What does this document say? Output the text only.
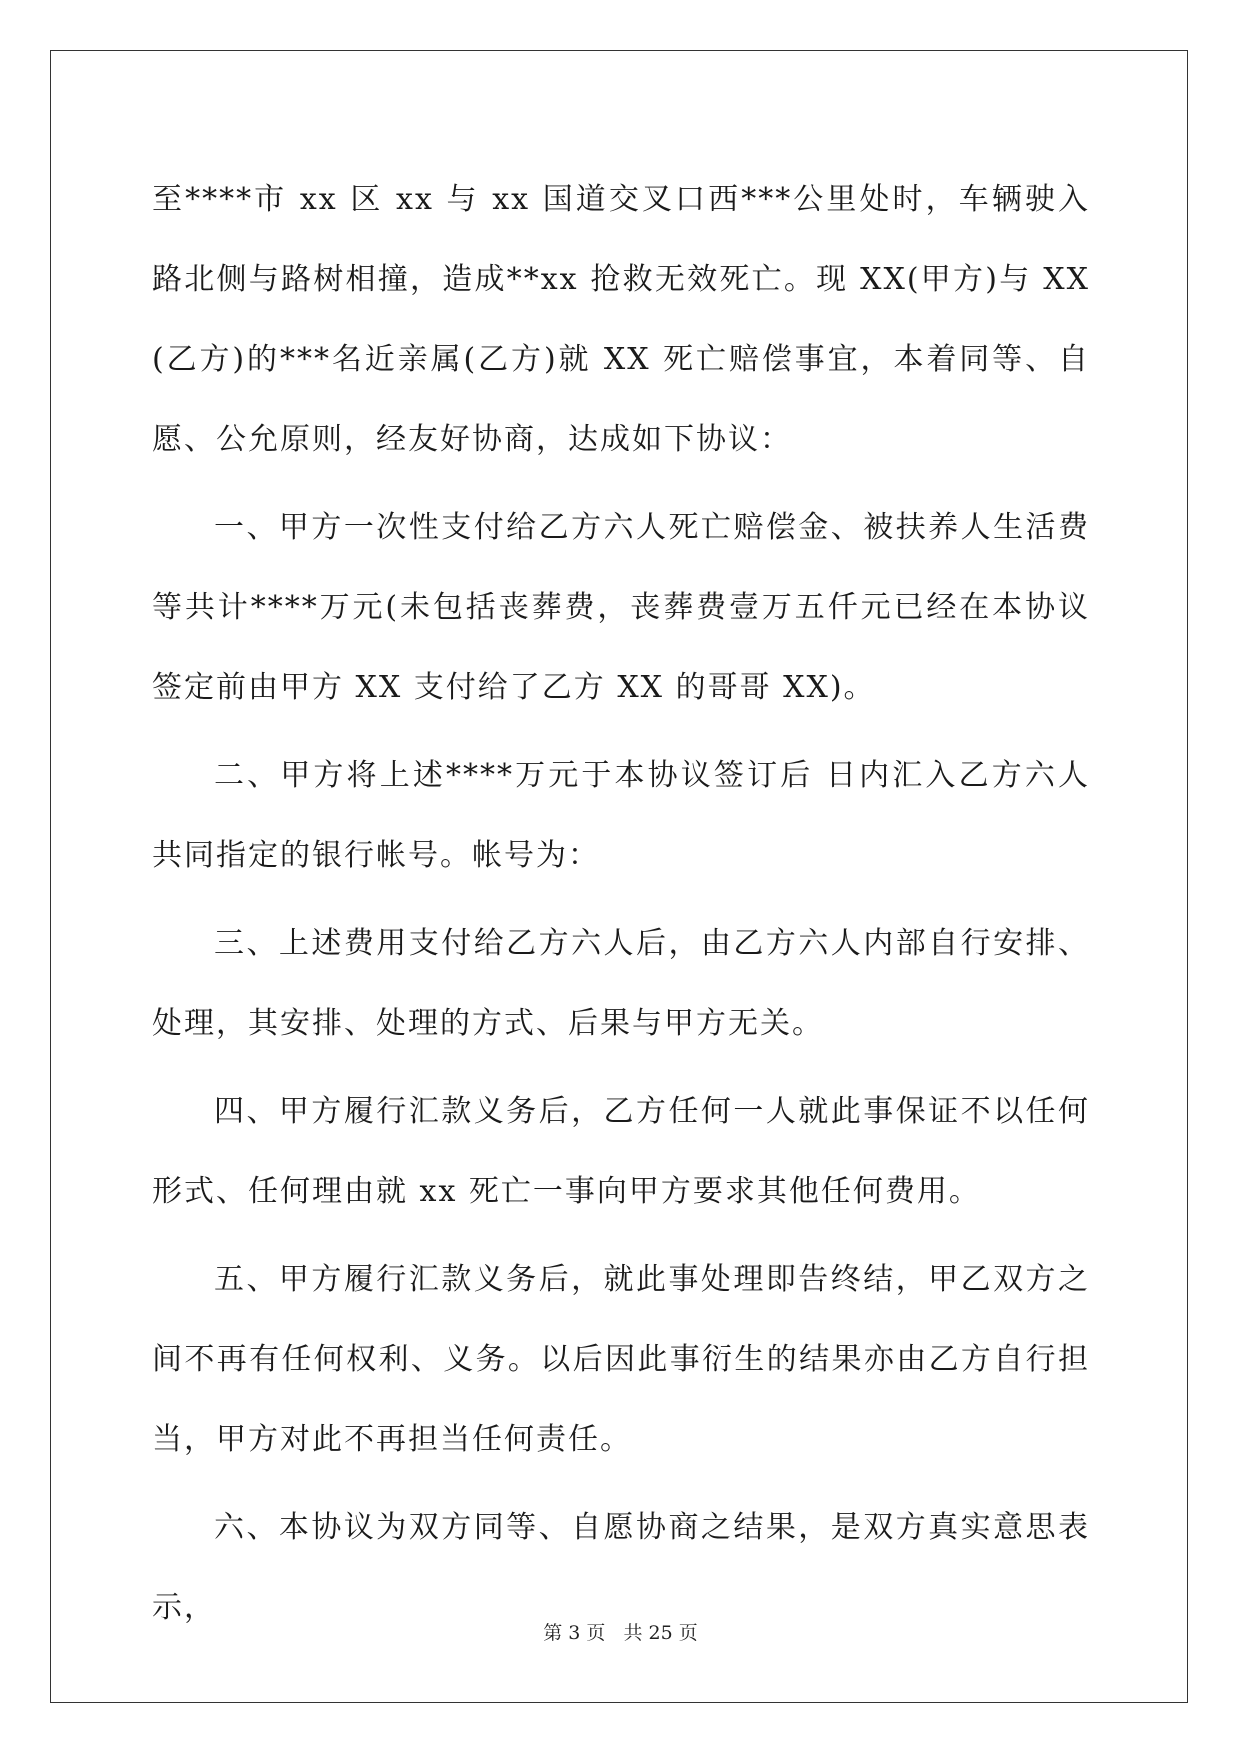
至****市 xx 区 xx 与 xx 国道交叉口西***公里处时，车辆驶入路北侧与路树相撞，造成**xx 抢救无效死亡。现 XX(甲方)与 XX(乙方)的***名近亲属(乙方)就 XX 死亡赔偿事宜，本着同等、自愿、公允原则，经友好协商，达成如下协议：

一、甲方一次性支付给乙方六人死亡赔偿金、被扶养人生活费等共计****万元(未包括丧葬费，丧葬费壹万五仟元已经在本协议签定前由甲方 XX 支付给了乙方 XX 的哥哥 XX)。

二、甲方将上述****万元于本协议签订后 日内汇入乙方六人共同指定的银行帐号。帐号为：

三、上述费用支付给乙方六人后，由乙方六人内部自行安排、处理，其安排、处理的方式、后果与甲方无关。

四、甲方履行汇款义务后，乙方任何一人就此事保证不以任何形式、任何理由就 xx 死亡一事向甲方要求其他任何费用。

五、甲方履行汇款义务后，就此事处理即告终结，甲乙双方之间不再有任何权利、义务。以后因此事衍生的结果亦由乙方自行担当，甲方对此不再担当任何责任。

六、本协议为双方同等、自愿协商之结果，是双方真实意思表示，

第 3 页   共 25 页
